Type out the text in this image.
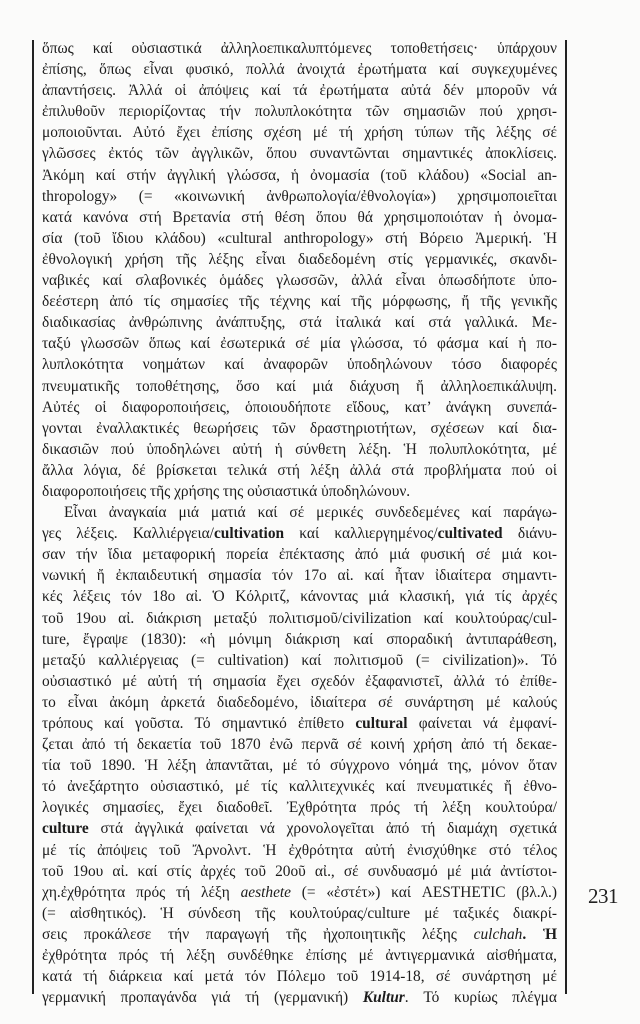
ὅπως καί οὐσιαστικά ἀλληλοεπικαλυπτόμενες τοποθετήσεις· ὑπάρχουν
ἐπίσης, ὅπως εἶναι φυσικό, πολλά ἀνοιχτά ἐρωτήματα καί συγκεχυμένες
ἀπαντήσεις. Ἀλλά οἱ ἀπόψεις καί τά ἐρωτήματα αὐτά δέν μποροῦν νά
ἐπιλυθοῦν περιορίζοντας τήν πολυπλοκότητα τῶν σημασιῶν πού χρησι-
μοποιοῦνται. Αὐτό ἔχει ἐπίσης σχέση μέ τή χρήση τύπων τῆς λέξης σέ
γλῶσσες ἐκτός τῶν ἀγγλικῶν, ὅπου συναντῶνται σημαντικές ἀποκλίσεις.
Ἀκόμη καί στήν ἀγγλική γλώσσα, ἡ ὀνομασία (τοῦ κλάδου) «Social an-
thropology» (= «κοινωνική ἀνθρωπολογία/ἐθνολογία») χρησιμοποιεῖται
κατά κανόνα στή Βρετανία στή θέση ὅπου θά χρησιμοποιόταν ἡ ὀνομα-
σία (τοῦ ἴδιου κλάδου) «cultural anthropology» στή Βόρειο Ἀμερική. Ἡ
ἐθνολογική χρήση τῆς λέξης εἶναι διαδεδομένη στίς γερμανικές, σκανδι-
ναβικές καί σλαβονικές ὁμάδες γλωσσῶν, ἀλλά εἶναι ὁπωσδήποτε ὑπο-
δεέστερη ἀπό τίς σημασίες τῆς τέχνης καί τῆς μόρφωσης, ἤ τῆς γενικῆς
διαδικασίας ἀνθρώπινης ἀνάπτυξης, στά ἰταλικά καί στά γαλλικά. Με-
ταξύ γλωσσῶν ὅπως καί ἐσωτερικά σέ μία γλώσσα, τό φάσμα καί ἡ πο-
λυπλοκότητα νοημάτων καί ἀναφορῶν ὑποδηλώνουν τόσο διαφορές
πνευματικῆς τοποθέτησης, ὅσο καί μιά διάχυση ἤ ἀλληλοεπικάλυψη.
Αὐτές οἱ διαφοροποιήσεις, ὁποιουδήποτε εἴδους, κατ’ ἀνάγκη συνεπά-
γονται ἐναλλακτικές θεωρήσεις τῶν δραστηριοτήτων, σχέσεων καί δια-
δικασιῶν πού ὑποδηλώνει αὐτή ἡ σύνθετη λέξη. Ἡ πολυπλοκότητα, μέ
ἄλλα λόγια, δέ βρίσκεται τελικά στή λέξη ἀλλά στά προβλήματα πού οἱ
διαφοροποιήσεις τῆς χρήσης της οὐσιαστικά ὑποδηλώνουν.
Εἶναι ἀναγκαία μιά ματιά καί σέ μερικές συνδεδεμένες καί παράγω-
γες λέξεις. Καλλιέργεια/cultivation καί καλλιεργημένος/cultivated διάνυ-
σαν τήν ἴδια μεταφορική πορεία ἐπέκτασης ἀπό μιά φυσική σέ μιά κοι-
νωνική ἤ ἐκπαιδευτική σημασία τόν 17ο αἰ. καί ἦταν ἰδιαίτερα σημαντι-
κές λέξεις τόν 18ο αἰ. Ὁ Κόλριτζ, κάνοντας μιά κλασική, γιά τίς ἀρχές
τοῦ 19ου αἰ. διάκριση μεταξύ πολιτισμοῦ/civilization καί κουλτούρας/cul-
ture, ἔγραψε (1830): «ἡ μόνιμη διάκριση καί σποραδική ἀντιπαράθεση,
μεταξύ καλλιέργειας (= cultivation) καί πολιτισμοῦ (= civilization)». Τό
οὐσιαστικό μέ αὐτή τή σημασία ἔχει σχεδόν ἐξαφανιστεῖ, ἀλλά τό ἐπίθε-
το εἶναι ἀκόμη ἀρκετά διαδεδομένο, ἰδιαίτερα σέ συνάρτηση μέ καλούς
τρόπους καί γοῦστα. Τό σημαντικό ἐπίθετο cultural φαίνεται νά ἐμφανί-
ζεται ἀπό τή δεκαετία τοῦ 1870 ἐνῶ περνᾶ σέ κοινή χρήση ἀπό τή δεκαε-
τία τοῦ 1890. Ἡ λέξη ἀπαντᾶται, μέ τό σύγχρονο νόημά της, μόνον ὅταν
τό ἀνεξάρτητο οὐσιαστικό, μέ τίς καλλιτεχνικές καί πνευματικές ἤ ἐθνο-
λογικές σημασίες, ἔχει διαδοθεῖ. Ἐχθρότητα πρός τή λέξη κουλτούρα/
culture στά ἀγγλικά φαίνεται νά χρονολογεῖται ἀπό τή διαμάχη σχετικά
μέ τίς ἀπόψεις τοῦ Ἄρνολντ. Ἡ ἐχθρότητα αὐτή ἐνισχύθηκε στό τέλος
τοῦ 19ου αἰ. καί στίς ἀρχές τοῦ 20οῦ αἰ., σέ συνδυασμό μέ μιά ἀντίστοι-
χη.ἐχθρότητα πρός τή λέξη aesthete (= «ἐστέτ») καί AESTHETIC (βλ.λ.)
(= αἰσθητικός). Ἡ σύνδεση τῆς κουλτούρας/culture μέ ταξικές διακρί-
σεις προκάλεσε τήν παραγωγή τῆς ἠχοποιητικῆς λέξης culchah. Ἡ
ἐχθρότητα πρός τή λέξη συνδέθηκε ἐπίσης μέ ἀντιγερμανικά αἰσθήματα,
κατά τή διάρκεια καί μετά τόν Πόλεμο τοῦ 1914-18, σέ συνάρτηση μέ
γερμανική προπαγάνδα γιά τή (γερμανική) Kultur. Τό κυρίως πλέγμα
231
